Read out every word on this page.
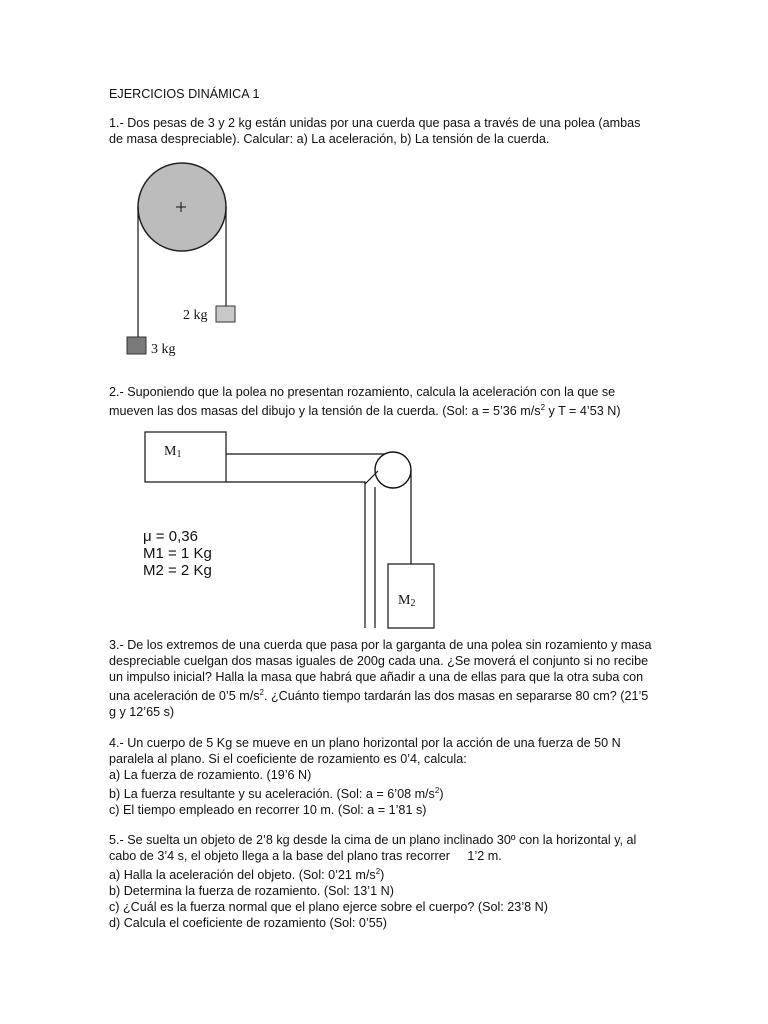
EJERCICIOS DINÁMICA 1
1.- Dos pesas de 3 y 2 kg están unidas por una cuerda que pasa a través de una polea (ambas
de masa despreciable). Calcular: a) La aceleración, b) La tensión de la cuerda.
2 kg
3 kg
2.- Suponiendo que la polea no presentan rozamiento, calcula la aceleración con la que se
mueven las dos masas del dibujo y la tensión de la cuerda. (Sol: a = 5’36 $m/s^2$ y T = 4’53 N)
M1
M2
μ = 0,36
M1 = 1 Kg
M2 = 2 Kg
3.- De los extremos de una cuerda que pasa por la garganta de una polea sin rozamiento y masa
despreciable cuelgan dos masas iguales de 200g cada una. ¿Se moverá el conjunto si no recibe
un impulso inicial? Halla la masa que habrá que añadir a una de ellas para que la otra suba con
una aceleración de 0’5 $m/s^2$. ¿Cuánto tiempo tardarán las dos masas en separarse 80 cm? (21’5
g y 12’65 s)
4.- Un cuerpo de 5 Kg se mueve en un plano horizontal por la acción de una fuerza de 50 N
paralela al plano. Si el coeficiente de rozamiento es 0’4, calcula:
a) La fuerza de rozamiento. (19’6 N)
b) La fuerza resultante y su aceleración. (Sol: a = 6’08 $m/s^2$)
c) El tiempo empleado en recorrer 10 m. (Sol: a = 1’81 s)
5.- Se suelta un objeto de 2’8 kg desde la cima de un plano inclinado 30º con la horizontal y, al
cabo de 3’4 s, el objeto llega a la base del plano tras recorrer     1’2 m.
a) Halla la aceleración del objeto. (Sol: 0’21 $m/s^2$)
b) Determina la fuerza de rozamiento. (Sol: 13’1 N)
c) ¿Cuál es la fuerza normal que el plano ejerce sobre el cuerpo? (Sol: 23’8 N)
d) Calcula el coeficiente de rozamiento (Sol: 0’55)
